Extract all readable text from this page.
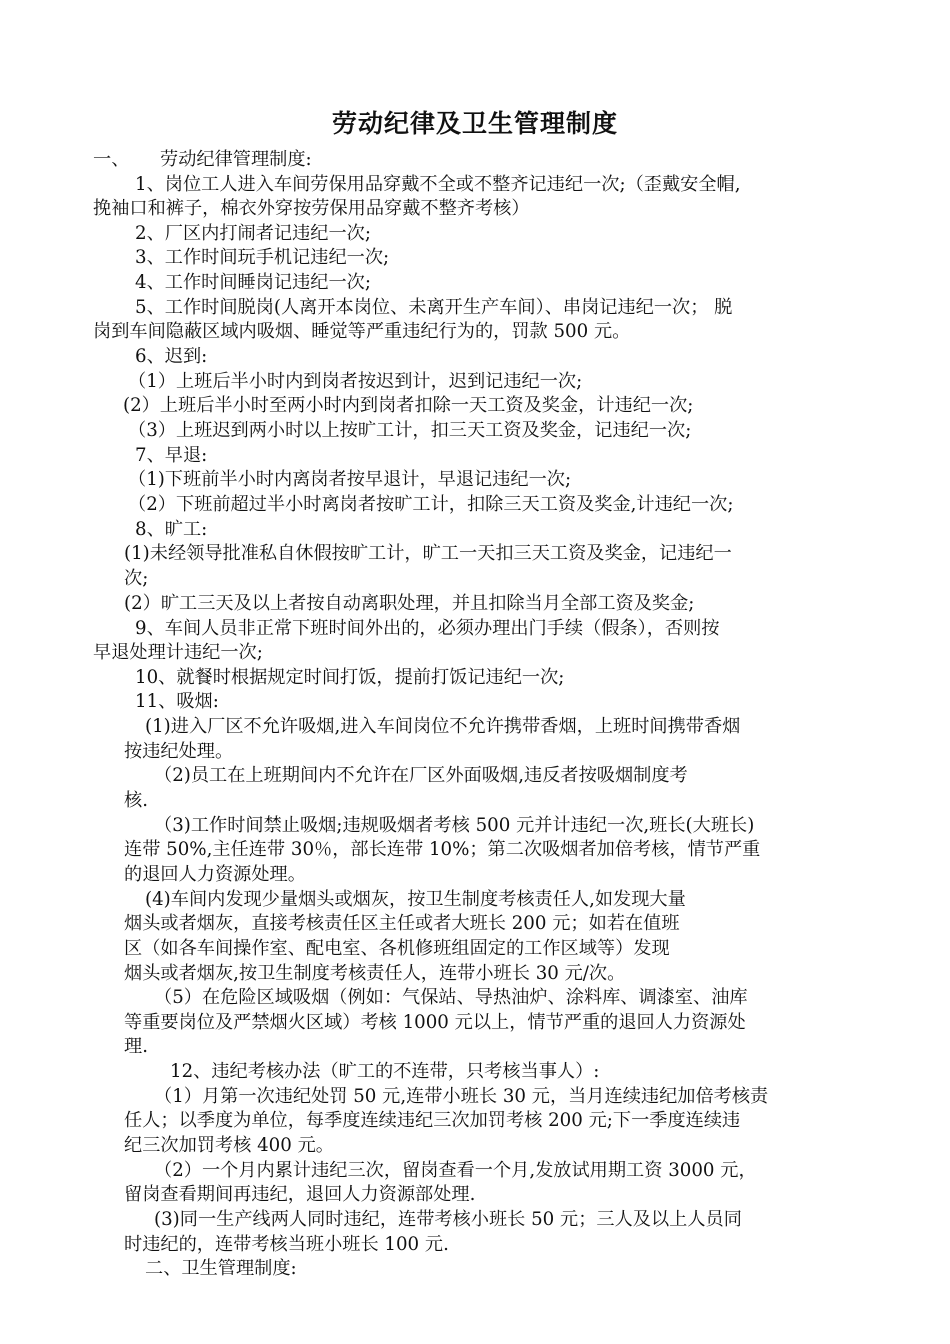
劳动纪律及卫生管理制度
一、 劳动纪律管理制度:
1、岗位工人进入车间劳保用品穿戴不全或不整齐记违纪一次;（歪戴安全帽,
挽袖口和裤子，棉衣外穿按劳保用品穿戴不整齐考核）
2、厂区内打闹者记违纪一次;
3、工作时间玩手机记违纪一次;
4、工作时间睡岗记违纪一次;
5、工作时间脱岗(人离开本岗位、未离开生产车间）、串岗记违纪一次； 脱
岗到车间隐蔽区域内吸烟、睡觉等严重违纪行为的，罚款 500 元。
6、迟到:
（1）上班后半小时内到岗者按迟到计，迟到记违纪一次;
(2）上班后半小时至两小时内到岗者扣除一天工资及奖金，计违纪一次;
（3）上班迟到两小时以上按旷工计，扣三天工资及奖金，记违纪一次;
7、早退:
（1)下班前半小时内离岗者按早退计，早退记违纪一次;
（2）下班前超过半小时离岗者按旷工计，扣除三天工资及奖金,计违纪一次;
8、旷工:
(1)未经领导批准私自休假按旷工计，旷工一天扣三天工资及奖金，记违纪一
次;
(2）旷工三天及以上者按自动离职处理，并且扣除当月全部工资及奖金;
9、车间人员非正常下班时间外出的，必须办理出门手续（假条），否则按
早退处理计违纪一次;
10、就餐时根据规定时间打饭，提前打饭记违纪一次;
11、吸烟:
(1)进入厂区不允许吸烟,进入车间岗位不允许携带香烟，上班时间携带香烟
按违纪处理。
（2)员工在上班期间内不允许在厂区外面吸烟,违反者按吸烟制度考
核.
（3)工作时间禁止吸烟;违规吸烟者考核 500 元并计违纪一次,班长(大班长)
连带 50%,主任连带 30％，部长连带 10%；第二次吸烟者加倍考核，情节严重
的退回人力资源处理。
(4)车间内发现少量烟头或烟灰，按卫生制度考核责任人,如发现大量
烟头或者烟灰，直接考核责任区主任或者大班长 200 元；如若在值班
区（如各车间操作室、配电室、各机修班组固定的工作区域等）发现
烟头或者烟灰,按卫生制度考核责任人，连带小班长 30 元/次。
（5）在危险区域吸烟（例如：气保站、导热油炉、涂料库、调漆室、油库
等重要岗位及严禁烟火区域）考核 1000 元以上，情节严重的退回人力资源处
理.
12、违纪考核办法（旷工的不连带，只考核当事人）:
（1）月第一次违纪处罚 50 元,连带小班长 30 元，当月连续违纪加倍考核责
任人；以季度为单位，每季度连续违纪三次加罚考核 200 元;下一季度连续违
纪三次加罚考核 400 元。
（2）一个月内累计违纪三次，留岗查看一个月,发放试用期工资 3000 元，
留岗查看期间再违纪，退回人力资源部处理.
(3)同一生产线两人同时违纪，连带考核小班长 50 元；三人及以上人员同
时违纪的，连带考核当班小班长 100 元.
二、卫生管理制度:
